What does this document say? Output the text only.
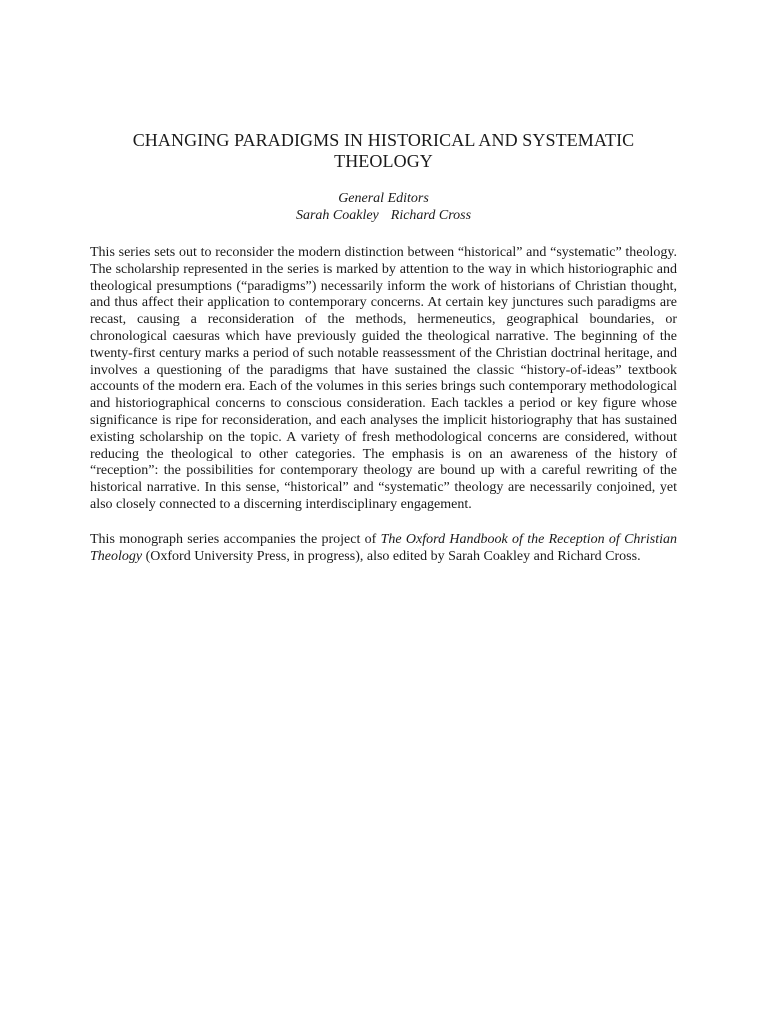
CHANGING PARADIGMS IN HISTORICAL AND SYSTEMATIC THEOLOGY

General Editors

Sarah Coakley Richard Cross

This series sets out to reconsider the modern distinction between “historical” and “systematic” theology. The scholarship represented in the series is marked by attention to the way in which historiographic and theological presumptions (“paradigms”) necessarily inform the work of historians of Christian thought, and thus affect their application to contemporary concerns. At certain key junctures such paradigms are recast, causing a reconsideration of the methods, hermeneutics, geographical boundaries, or chronological caesuras which have previously guided the theological narrative. The beginning of the twenty-first century marks a period of such notable reassessment of the Christian doctrinal heritage, and involves a questioning of the paradigms that have sustained the classic “history-of-ideas” textbook accounts of the modern era. Each of the volumes in this series brings such contemporary methodological and historiographical concerns to conscious consideration. Each tackles a period or key figure whose significance is ripe for reconsideration, and each analyses the implicit historiography that has sustained existing scholarship on the topic. A variety of fresh methodological concerns are considered, without reducing the theological to other categories. The emphasis is on an awareness of the history of “reception”: the possibilities for contemporary theology are bound up with a careful rewriting of the historical narrative. In this sense, “historical” and “systematic” theology are necessarily conjoined, yet also closely connected to a discerning interdisciplinary engagement.

This monograph series accompanies the project of The Oxford Handbook of the Reception of Christian Theology (Oxford University Press, in progress), also edited by Sarah Coakley and Richard Cross.
